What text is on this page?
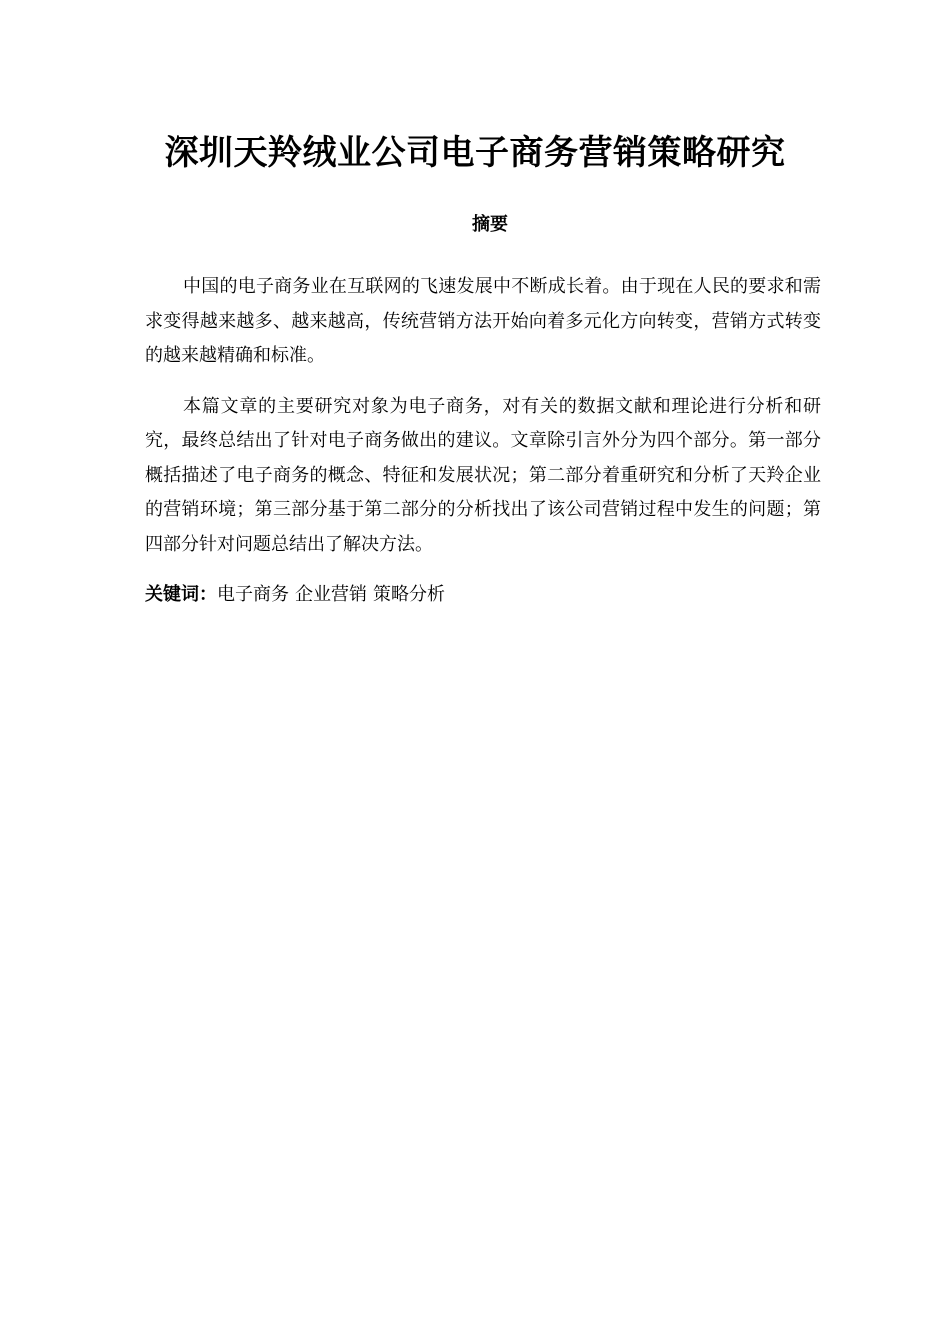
深圳天羚绒业公司电子商务营销策略研究
摘要

中国的电子商务业在互联网的飞速发展中不断成长着。由于现在人民的要求和需求变得越来越多、越来越高，传统营销方法开始向着多元化方向转变，营销方式转变的越来越精确和标准。

本篇文章的主要研究对象为电子商务，对有关的数据文献和理论进行分析和研究，最终总结出了针对电子商务做出的建议。文章除引言外分为四个部分。第一部分概括描述了电子商务的概念、特征和发展状况；第二部分着重研究和分析了天羚企业的营销环境；第三部分基于第二部分的分析找出了该公司营销过程中发生的问题；第四部分针对问题总结出了解决方法。

关键词：电子商务 企业营销 策略分析
